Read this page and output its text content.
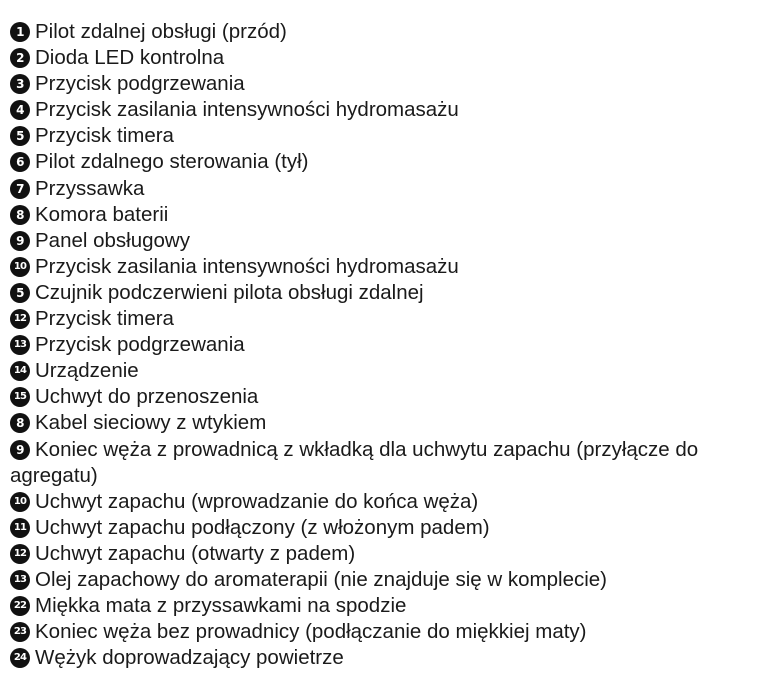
1 Pilot zdalnej obsługi (przód)
2 Dioda LED kontrolna
3 Przycisk podgrzewania
4 Przycisk zasilania intensywności hydromasażu
5 Przycisk timera
6 Pilot zdalnego sterowania (tył)
7 Przyssawka
8 Komora baterii
9 Panel obsługowy
10 Przycisk zasilania intensywności hydromasażu
5 Czujnik podczerwieni pilota obsługi zdalnej
12 Przycisk timera
13 Przycisk podgrzewania
14 Urządzenie
15 Uchwyt do przenoszenia
8 Kabel sieciowy z wtykiem
9 Koniec węża z prowadnicą z wkładką dla uchwytu zapachu (przyłącze do agregatu)
10 Uchwyt zapachu (wprowadzanie do końca węża)
11 Uchwyt zapachu podłączony (z włożonym padem)
12 Uchwyt zapachu (otwarty z padem)
13 Olej zapachowy do aromaterapii (nie znajduje się w komplecie)
22 Miękka mata z przyssawkami na spodzie
23 Koniec węża bez prowadnicy (podłączanie do miękkiej maty)
24 Wężyk doprowadzający powietrze
